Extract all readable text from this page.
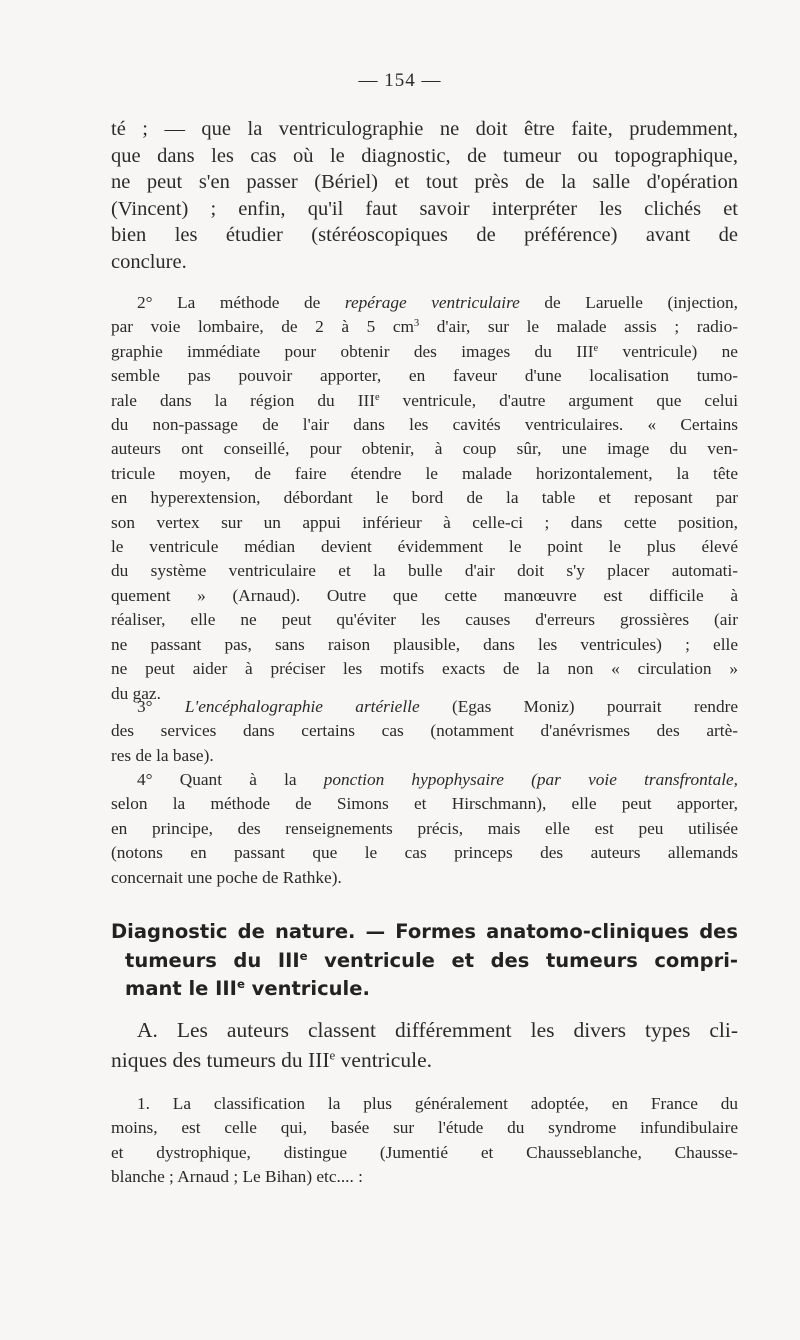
— 154 —
té ; — que la ventriculographie ne doit être faite, prudemment,
que dans les cas où le diagnostic, de tumeur ou topographique,
ne peut s'en passer (Bériel) et tout près de la salle d'opération
(Vincent) ; enfin, qu'il faut savoir interpréter les clichés et
bien les étudier (stéréoscopiques de préférence) avant de
conclure.
2° La méthode de repérage ventriculaire de Laruelle (injection,
par voie lombaire, de 2 à 5 $cm^3$ d'air, sur le malade assis ; radio-
graphie immédiate pour obtenir des images du IIIe ventricule) ne
semble pas pouvoir apporter, en faveur d'une localisation tumo-
rale dans la région du IIIe ventricule, d'autre argument que celui
du non-passage de l'air dans les cavités ventriculaires. « Certains
auteurs ont conseillé, pour obtenir, à coup sûr, une image du ven-
tricule moyen, de faire étendre le malade horizontalement, la tête
en hyperextension, débordant le bord de la table et reposant par
son vertex sur un appui inférieur à celle-ci ; dans cette position,
le ventricule médian devient évidemment le point le plus élevé
du système ventriculaire et la bulle d'air doit s'y placer automati-
quement » (Arnaud). Outre que cette manœuvre est difficile à
réaliser, elle ne peut qu'éviter les causes d'erreurs grossières (air
ne passant pas, sans raison plausible, dans les ventricules) ; elle
ne peut aider à préciser les motifs exacts de la non « circulation »
du gaz.
3° L'encéphalographie artérielle (Egas Moniz) pourrait rendre
des services dans certains cas (notamment d'anévrismes des artè-
res de la base).
4° Quant à la ponction hypophysaire (par voie transfrontale,
selon la méthode de Simons et Hirschmann), elle peut apporter,
en principe, des renseignements précis, mais elle est peu utilisée
(notons en passant que le cas princeps des auteurs allemands
concernait une poche de Rathke).
Diagnostic de nature. — Formes anatomo-cliniques des
tumeurs du IIIe ventricule et des tumeurs compri-
mant le IIIe ventricule.
A. Les auteurs classent différemment les divers types cli-
niques des tumeurs du IIIe ventricule.
1. La classification la plus généralement adoptée, en France du
moins, est celle qui, basée sur l'étude du syndrome infundibulaire
et dystrophique, distingue (Jumentié et Chausseblanche, Chausse-
blanche ; Arnaud ; Le Bihan) etc.... :
